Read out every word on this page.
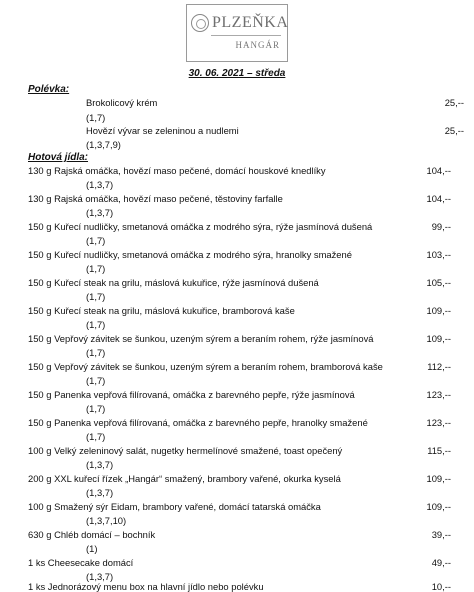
PLZEŇKA
HANGÁR
30. 06. 2021 – středa
Polévka:
Brokolicový krém	25,--
(1,7)
Hovězí vývar se zeleninou a nudlemi	25,--
(1,3,7,9)
Hotová jídla:
130 g Rajská omáčka, hovězí maso pečené, domácí houskové knedlíky	104,--
(1,3,7)
130 g Rajská omáčka, hovězí maso pečené, těstoviny farfalle	104,--
(1,3,7)
150 g Kuřecí nudličky, smetanová omáčka z modrého sýra, rýže jasmínová dušená	99,--
(1,7)
150 g Kuřecí nudličky, smetanová omáčka z modrého sýra, hranolky smažené	103,--
(1,7)
150 g Kuřecí steak na grilu, máslová kukuřice, rýže jasmínová dušená	105,--
(1,7)
150 g Kuřecí steak na grilu, máslová kukuřice, bramborová kaše	109,--
(1,7)
150 g Vepřový závitek se šunkou, uzeným sýrem a beraním rohem, rýže jasmínová	109,--
(1,7)
150 g Vepřový závitek se šunkou, uzeným sýrem a beraním rohem, bramborová kaše	112,--
(1,7)
150 g Panenka vepřová filírovaná, omáčka z barevného pepře, rýže jasmínová	123,--
(1,7)
150 g Panenka vepřová filírovaná, omáčka z barevného pepře, hranolky smažené	123,--
(1,7)
100 g Velký zeleninový salát, nugetky hermelínové smažené, toast opečený	115,--
(1,3,7)
200 g XXL kuřecí řízek „Hangár“ smažený, brambory vařené, okurka kyselá	109,--
(1,3,7)
100 g Smažený sýr Eidam, brambory vařené, domácí tatarská omáčka	109,--
(1,3,7,10)
630 g Chléb domácí – bochník	39,--
(1)
1 ks Cheesecake domácí	49,--
(1,3,7)
1 ks Jednorázový menu box na hlavní jídlo nebo polévku	10,--
